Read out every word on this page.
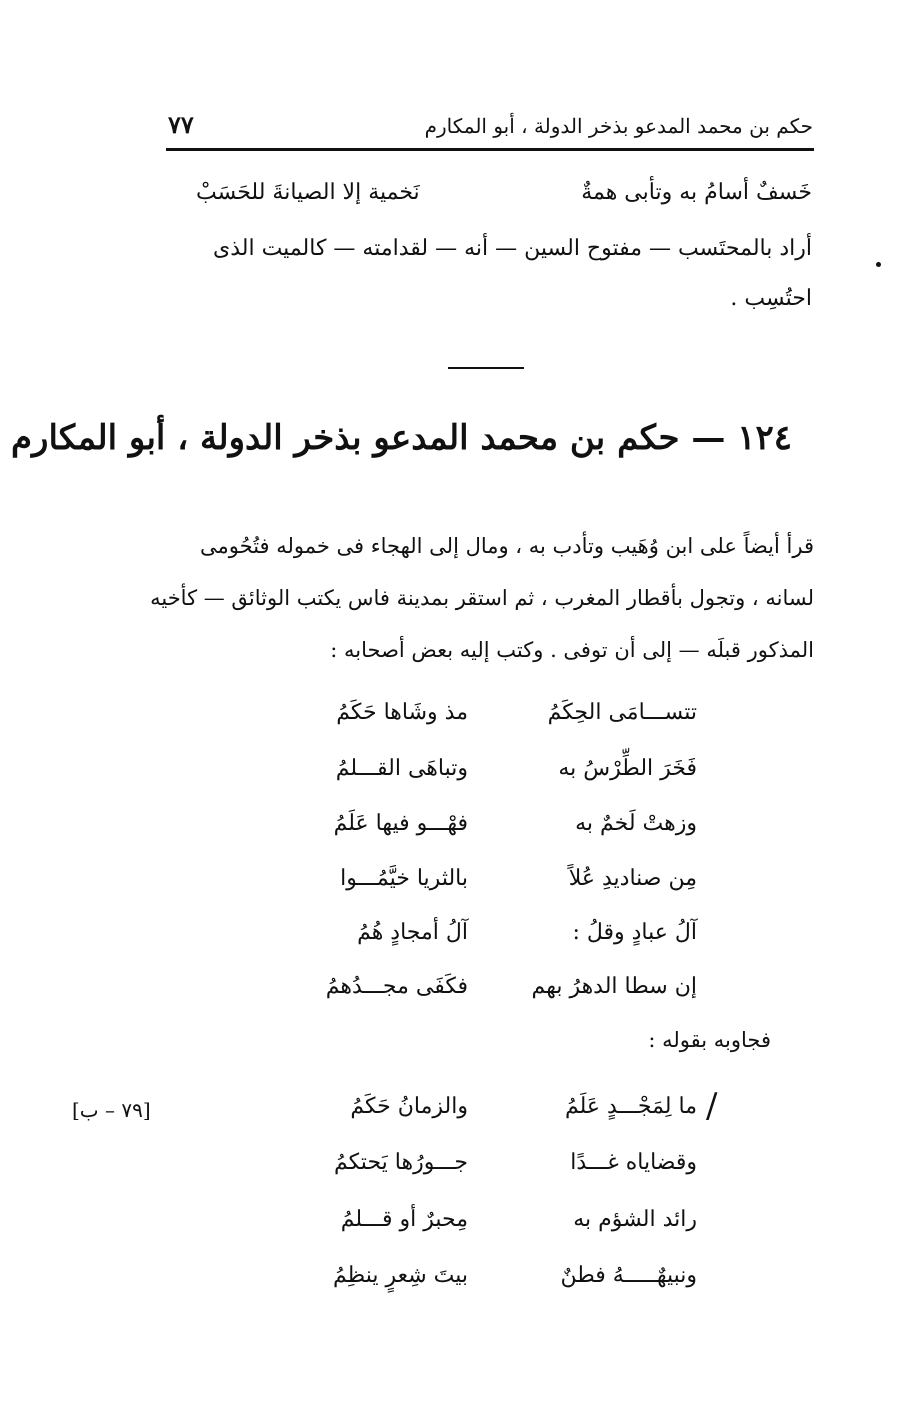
٧٧	حكم بن محمد المدعو بذخر الدولة ، أبو المكارم
خَسفٌ أسامُ به وتأبى همةٌ
نَخمية إلا الصيانةَ للحَسَبْ
أراد بالمحتَسب — مفتوح السين — أنه — لقدامته — كالميت الذى
احتُسِب .
١٢٤ — حكم بن محمد المدعو بذخر الدولة ، أبو المكارم
قرأ أيضاً على ابن وُهَيب وتأدب به ، ومال إلى الهجاء فى خموله فتُحُومى
لسانه ، وتجول بأقطار المغرب ، ثم استقر بمدينة فاس يكتب الوثائق — كأخيه
المذكور قبلَه — إلى أن توفى . وكتب إليه بعض أصحابه :
تتســـامَى الحِكَمُ
مذ وشَاها حَكَمُ
فَخَرَ الطِّرْسُ به
وتباهَى القـــلمُ
وزهتْ لَخمٌ به
فهْـــو فيها عَلَمُ
مِن صناديدِ عُلاً
بالثريا خيَّمُـــوا
آلُ عبادٍ وقلُ :
آلُ أمجادٍ هُمُ
إن سطا الدهرُ بهم
فكَفَى مجـــدُهمُ
فجاوبه بقوله :
[٧٩ – ب]	/
ما لِمَجْـــدٍ عَلَمُ
والزمانُ حَكَمُ
وقضاياه غـــدًا
جـــورُها يَحتكمُ
رائد الشؤم به
مِحبرٌ أو قـــلمُ
ونبيهٌـــــهُ فطنٌ
بيتَ شِعرٍ ينظِمُ
